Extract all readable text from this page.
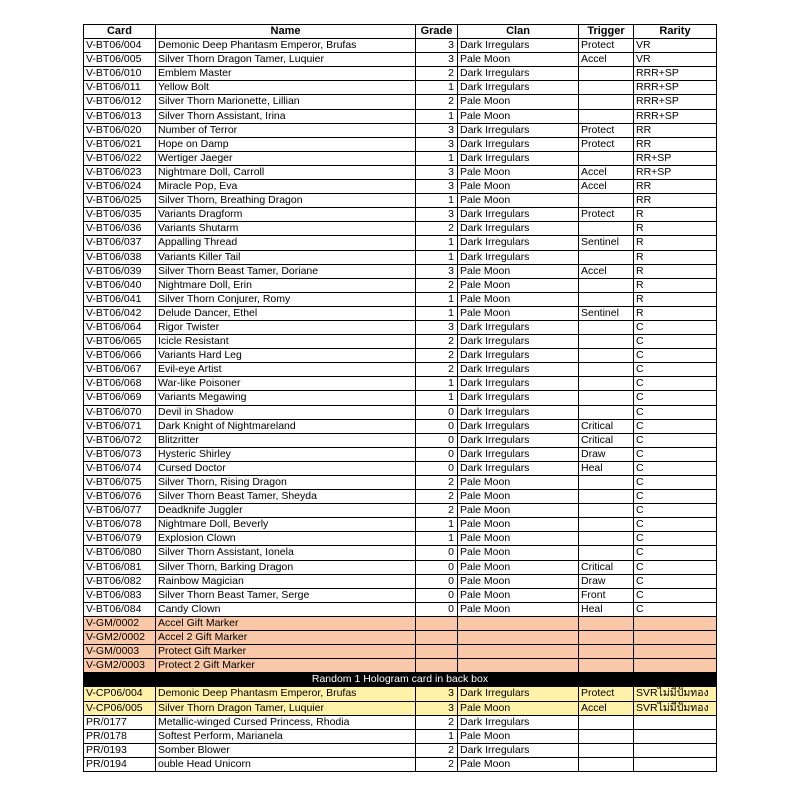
Card	Name	Grade	Clan	Trigger	Rarity
V-BT06/004	Demonic Deep Phantasm Emperor, Brufas	3	Dark Irregulars	Protect	VR
V-BT06/005	Silver Thorn Dragon Tamer, Luquier	3	Pale Moon	Accel	VR
V-BT06/010	Emblem Master	2	Dark Irregulars		RRR+SP
V-BT06/011	Yellow Bolt	1	Dark Irregulars		RRR+SP
V-BT06/012	Silver Thorn Marionette, Lillian	2	Pale Moon		RRR+SP
V-BT06/013	Silver Thorn Assistant, Irina	1	Pale Moon		RRR+SP
V-BT06/020	Number of Terror	3	Dark Irregulars	Protect	RR
V-BT06/021	Hope on Damp	3	Dark Irregulars	Protect	RR
V-BT06/022	Wertiger Jaeger	1	Dark Irregulars		RR+SP
V-BT06/023	Nightmare Doll, Carroll	3	Pale Moon	Accel	RR+SP
V-BT06/024	Miracle Pop, Eva	3	Pale Moon	Accel	RR
V-BT06/025	Silver Thorn, Breathing Dragon	1	Pale Moon		RR
V-BT06/035	Variants Dragform	3	Dark Irregulars	Protect	R
V-BT06/036	Variants Shutarm	2	Dark Irregulars		R
V-BT06/037	Appalling Thread	1	Dark Irregulars	Sentinel	R
V-BT06/038	Variants Killer Tail	1	Dark Irregulars		R
V-BT06/039	Silver Thorn Beast Tamer, Doriane	3	Pale Moon	Accel	R
V-BT06/040	Nightmare Doll, Erin	2	Pale Moon		R
V-BT06/041	Silver Thorn Conjurer, Romy	1	Pale Moon		R
V-BT06/042	Delude Dancer, Ethel	1	Pale Moon	Sentinel	R
V-BT06/064	Rigor Twister	3	Dark Irregulars		C
V-BT06/065	Icicle Resistant	2	Dark Irregulars		C
V-BT06/066	Variants Hard Leg	2	Dark Irregulars		C
V-BT06/067	Evil-eye Artist	2	Dark Irregulars		C
V-BT06/068	War-like Poisoner	1	Dark Irregulars		C
V-BT06/069	Variants Megawing	1	Dark Irregulars		C
V-BT06/070	Devil in Shadow	0	Dark Irregulars		C
V-BT06/071	Dark Knight of Nightmareland	0	Dark Irregulars	Critical	C
V-BT06/072	Blitzritter	0	Dark Irregulars	Critical	C
V-BT06/073	Hysteric Shirley	0	Dark Irregulars	Draw	C
V-BT06/074	Cursed Doctor	0	Dark Irregulars	Heal	C
V-BT06/075	Silver Thorn, Rising Dragon	2	Pale Moon		C
V-BT06/076	Silver Thorn Beast Tamer, Sheyda	2	Pale Moon		C
V-BT06/077	Deadknife Juggler	2	Pale Moon		C
V-BT06/078	Nightmare Doll, Beverly	1	Pale Moon		C
V-BT06/079	Explosion Clown	1	Pale Moon		C
V-BT06/080	Silver Thorn Assistant, Ionela	0	Pale Moon		C
V-BT06/081	Silver Thorn, Barking Dragon	0	Pale Moon	Critical	C
V-BT06/082	Rainbow Magician	0	Pale Moon	Draw	C
V-BT06/083	Silver Thorn Beast Tamer, Serge	0	Pale Moon	Front	C
V-BT06/084	Candy Clown	0	Pale Moon	Heal	C
V-GM/0002	Accel Gift Marker				
V-GM2/0002	Accel 2 Gift Marker				
V-GM/0003	Protect Gift Marker				
V-GM2/0003	Protect 2 Gift Marker				
Random 1 Hologram card in back box					
V-CP06/004	Demonic Deep Phantasm Emperor, Brufas	3	Dark Irregulars	Protect	SVRไม่มีปั๊มทอง
V-CP06/005	Silver Thorn Dragon Tamer, Luquier	3	Pale Moon	Accel	SVRไม่มีปั๊มทอง
PR/0177	Metallic-winged Cursed Princess, Rhodia	2	Dark Irregulars		
PR/0178	Softest Perform, Marianela	1	Pale Moon		
PR/0193	Somber Blower	2	Dark Irregulars		
PR/0194	ouble Head Unicorn	2	Pale Moon		
